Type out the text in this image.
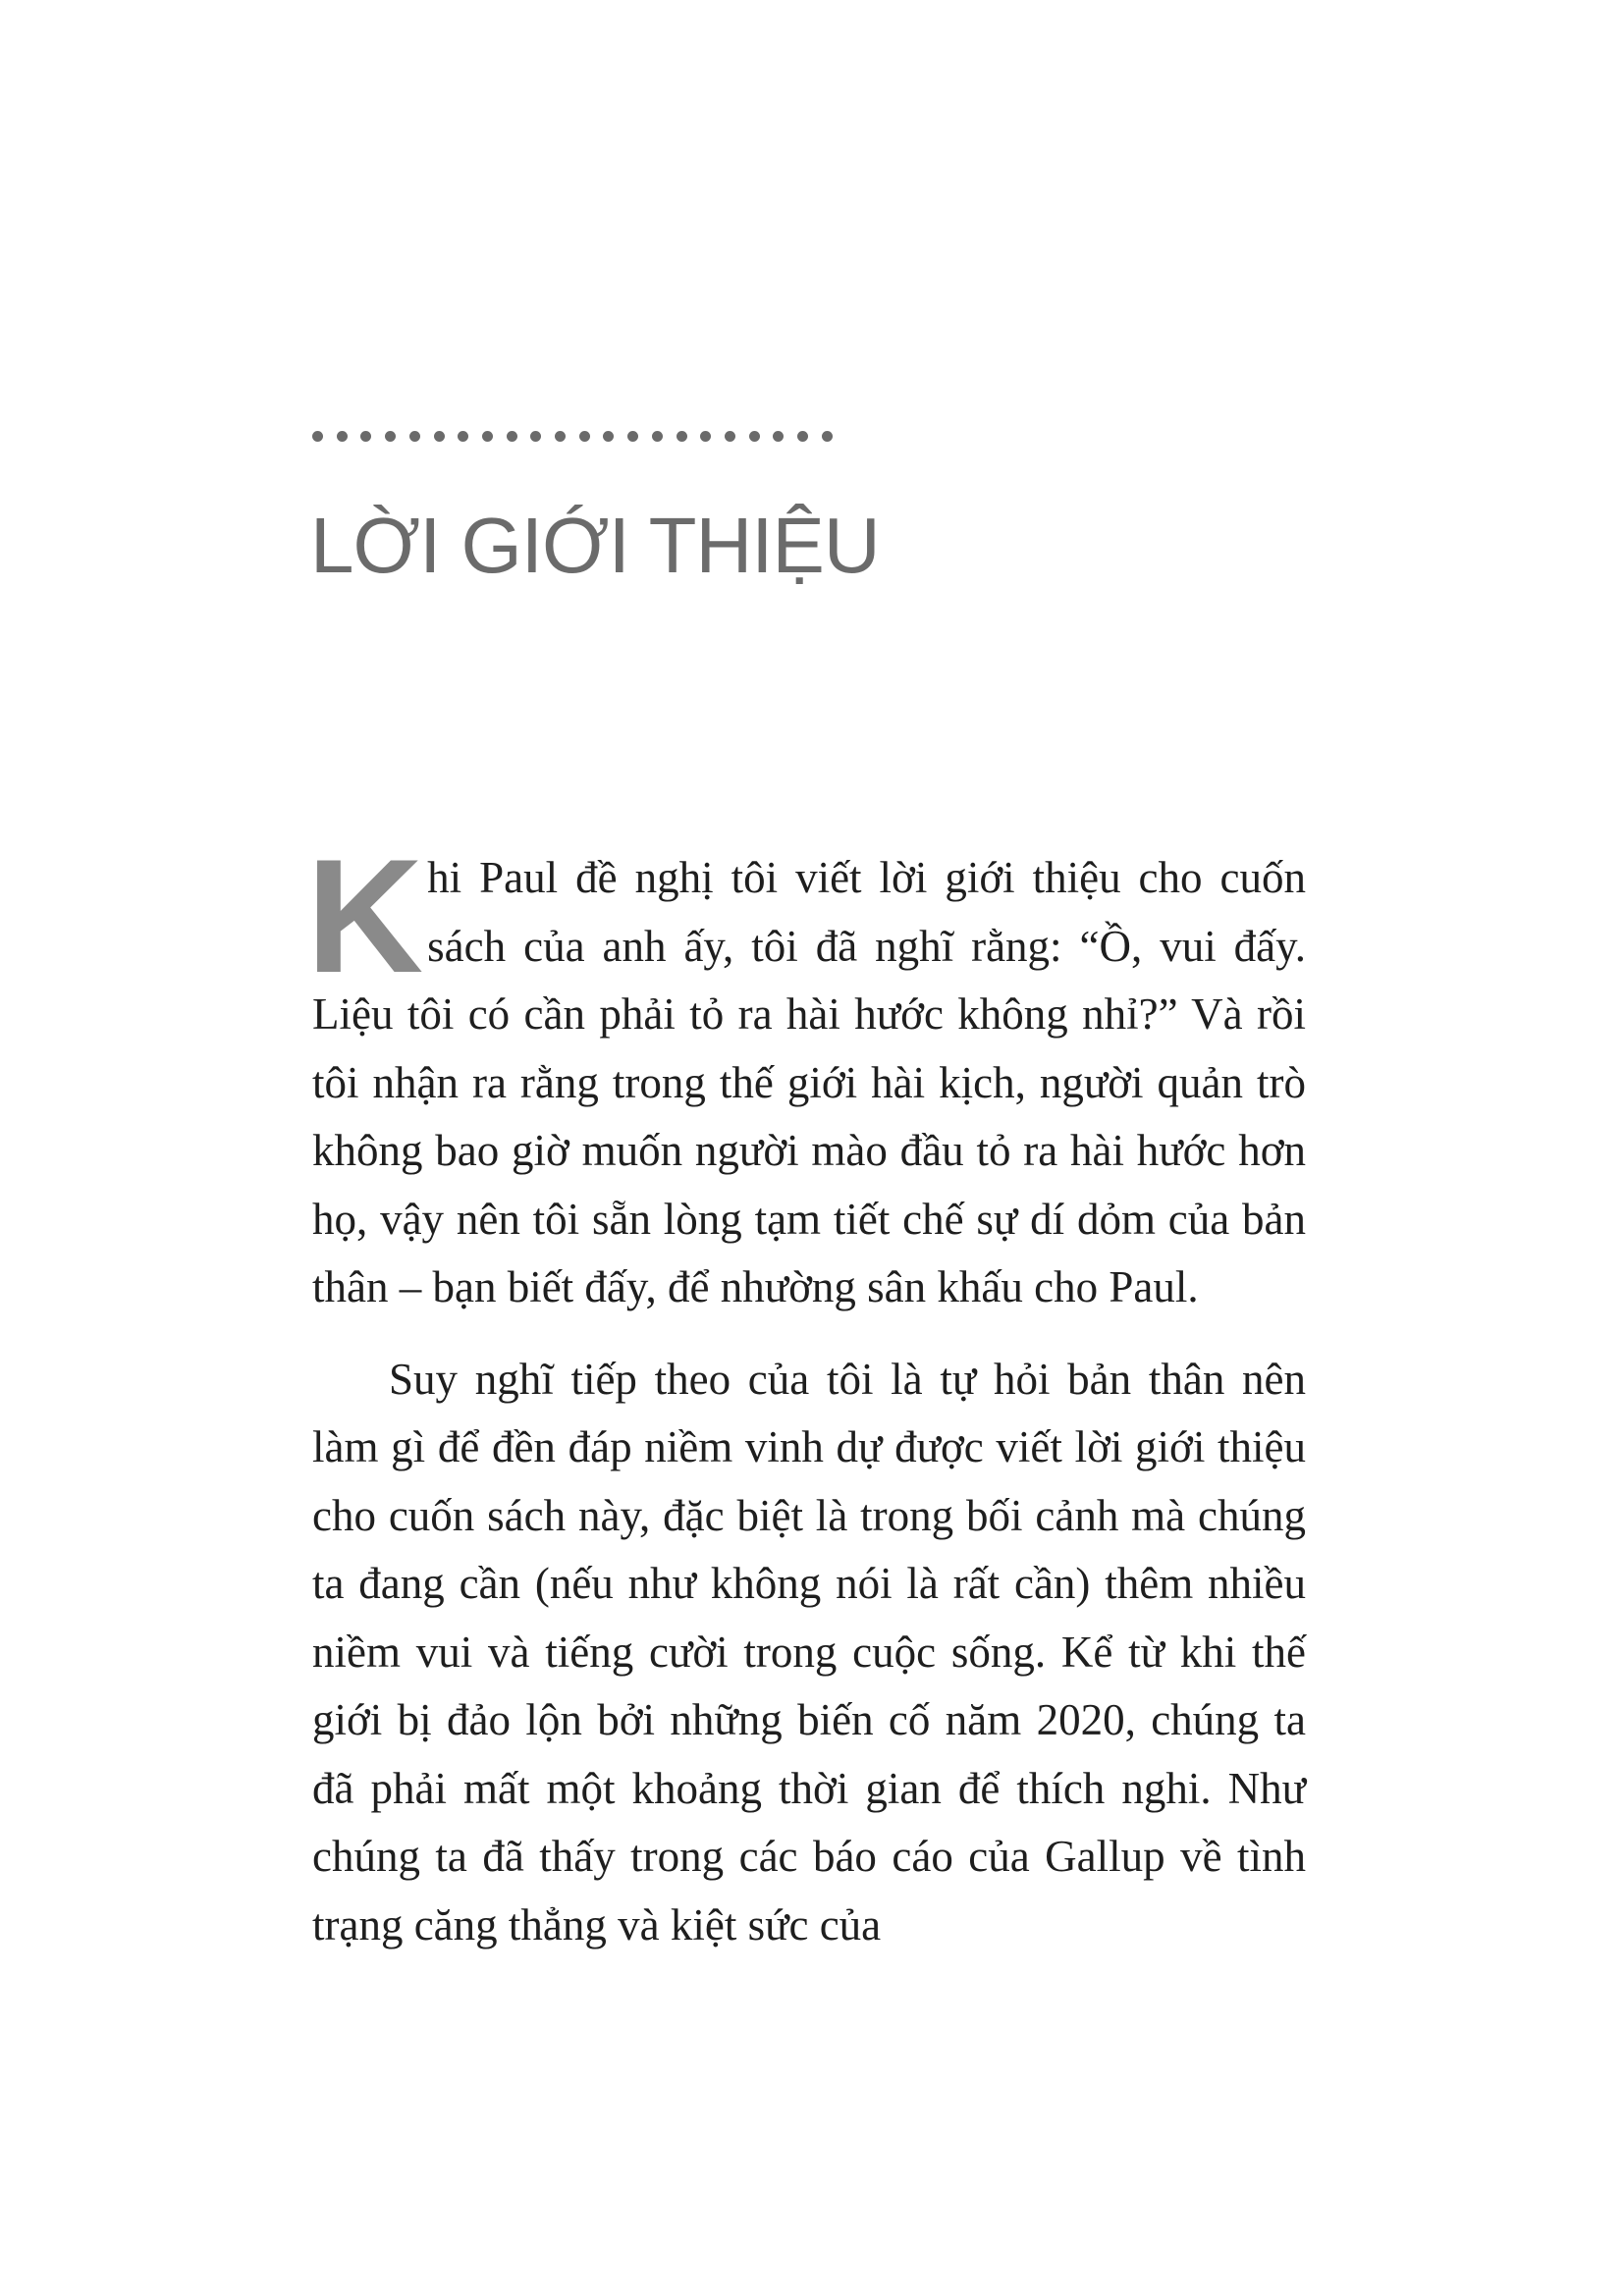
LỜI GIỚI THIỆU

Khi Paul đề nghị tôi viết lời giới thiệu cho cuốn sách của anh ấy, tôi đã nghĩ rằng: “Ồ, vui đấy. Liệu tôi có cần phải tỏ ra hài hước không nhỉ?” Và rồi tôi nhận ra rằng trong thế giới hài kịch, người quản trò không bao giờ muốn người mào đầu tỏ ra hài hước hơn họ, vậy nên tôi sẵn lòng tạm tiết chế sự dí dỏm của bản thân – bạn biết đấy, để nhường sân khấu cho Paul.

Suy nghĩ tiếp theo của tôi là tự hỏi bản thân nên làm gì để đền đáp niềm vinh dự được viết lời giới thiệu cho cuốn sách này, đặc biệt là trong bối cảnh mà chúng ta đang cần (nếu như không nói là rất cần) thêm nhiều niềm vui và tiếng cười trong cuộc sống. Kể từ khi thế giới bị đảo lộn bởi những biến cố năm 2020, chúng ta đã phải mất một khoảng thời gian để thích nghi. Như chúng ta đã thấy trong các báo cáo của Gallup về tình trạng căng thẳng và kiệt sức của
